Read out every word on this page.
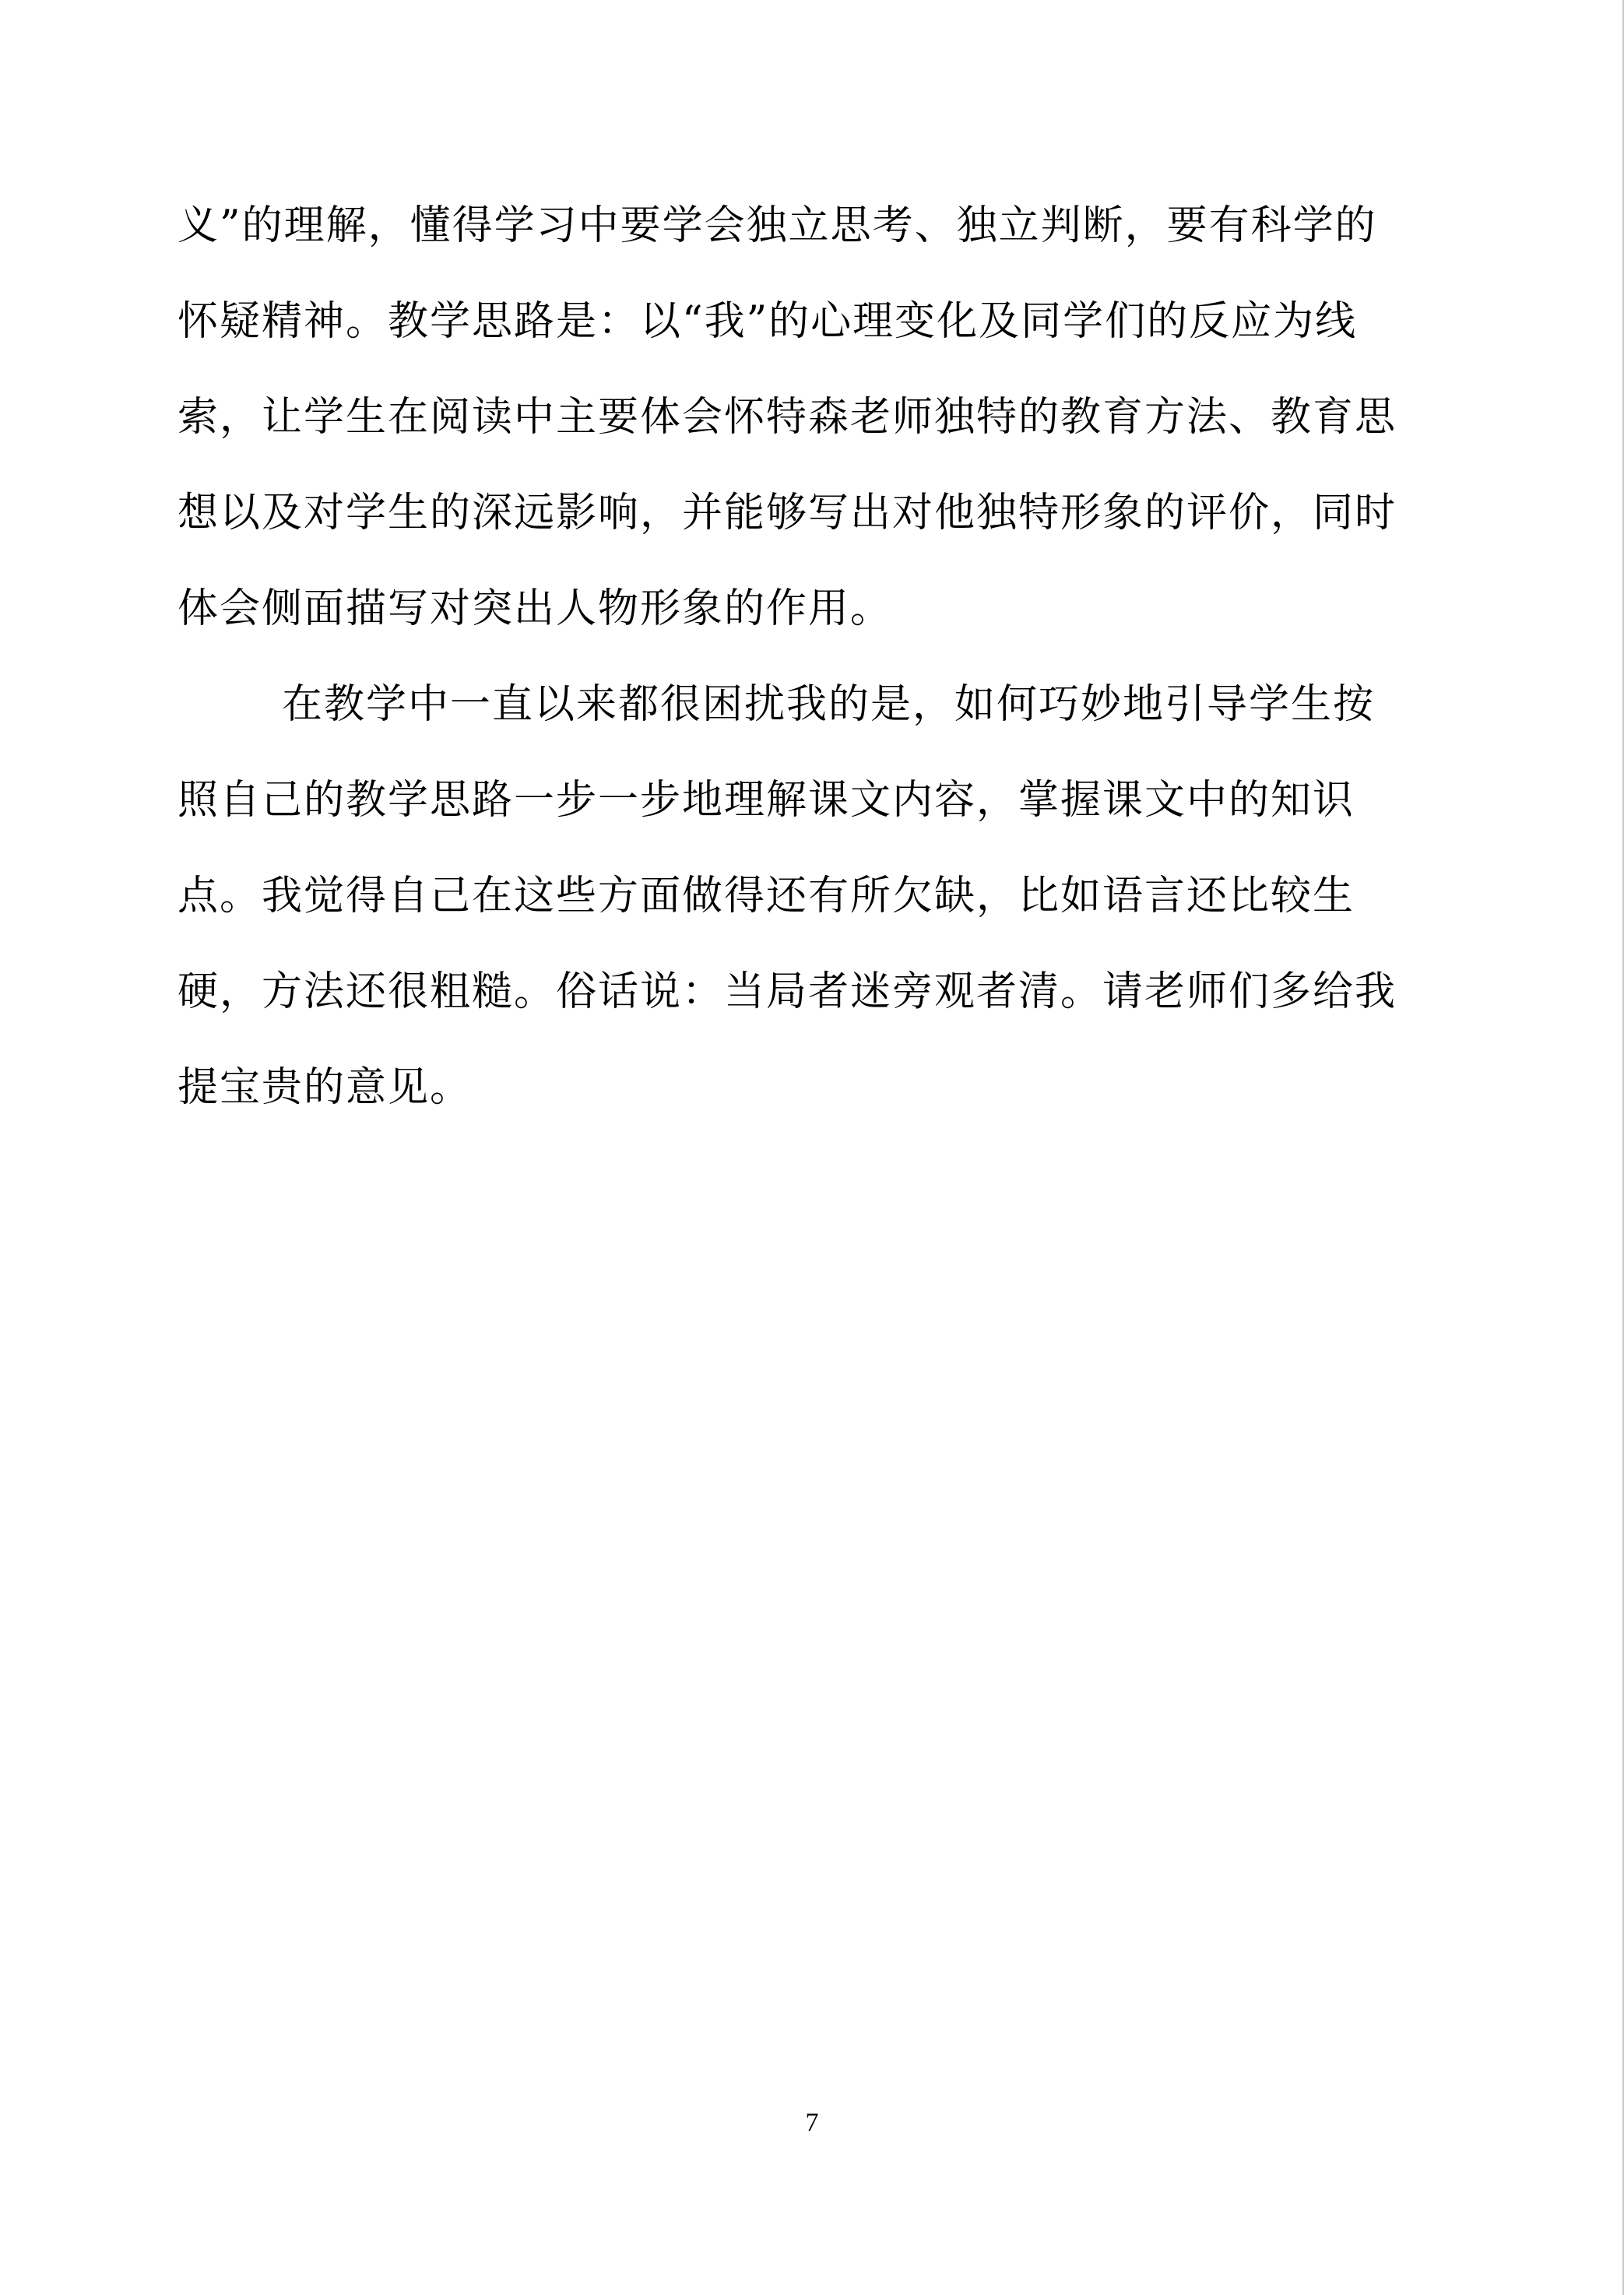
义”的理解，懂得学习中要学会独立思考、独立判断，要有科学的
怀疑精神。教学思路是：以“我”的心理变化及同学们的反应为线
索，让学生在阅读中主要体会怀特森老师独特的教育方法、教育思
想以及对学生的深远影响，并能够写出对他独特形象的评价，同时
体会侧面描写对突出人物形象的作用。
在教学中一直以来都很困扰我的是，如何巧妙地引导学生按
照自己的教学思路一步一步地理解课文内容，掌握课文中的知识
点。我觉得自己在这些方面做得还有所欠缺，比如语言还比较生
硬，方法还很粗糙。俗话说：当局者迷旁观者清。请老师们多给我
提宝贵的意见。
7
